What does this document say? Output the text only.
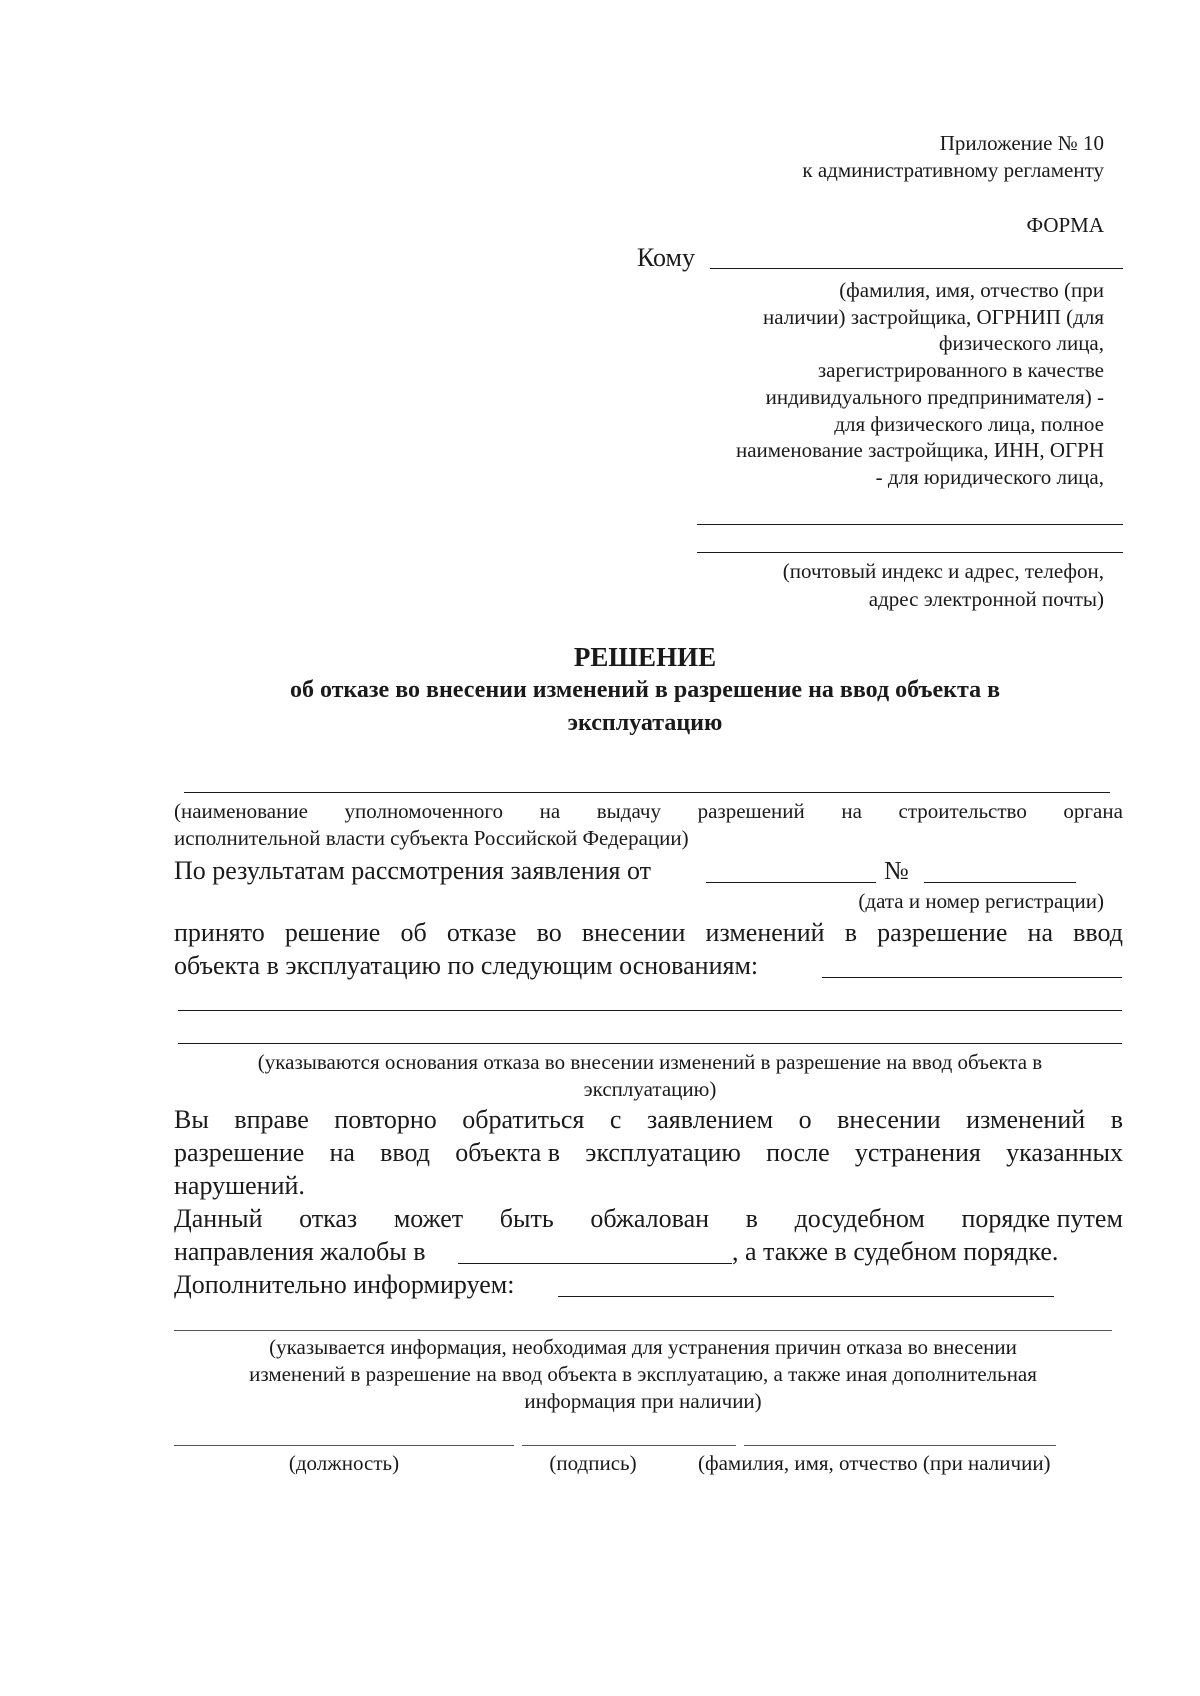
Приложение № 10
к административному регламенту
ФОРМА
Кому
(фамилия, имя, отчество (при
наличии) застройщика, ОГРНИП (для
физического лица,
зарегистрированного в качестве
индивидуального предпринимателя) -
для физического лица, полное
наименование застройщика, ИНН, ОГРН
- для юридического лица,
(почтовый индекс и адрес, телефон,
адрес электронной почты)
РЕШЕНИЕ
об отказе во внесении изменений в разрешение на ввод объекта в
эксплуатацию
(наименование уполномоченного на выдачу разрешений на строительство органа
исполнительной власти субъекта Российской Федерации)
По результатам рассмотрения заявления от	№
(дата и номер регистрации)
принято решение об отказе во внесении изменений в разрешение на ввод
объекта в эксплуатацию по следующим основаниям:
(указываются основания отказа во внесении изменений в разрешение на ввод объекта в
эксплуатацию)
Вы вправе повторно обратиться с заявлением о внесении изменений в
разрешение на ввод объекта в эксплуатацию после устранения указанных
нарушений.
Данный отказ может быть обжалован в досудебном порядке путем
направления жалобы в	, а также в судебном порядке.
Дополнительно информируем:
(указывается информация, необходимая для устранения причин отказа во внесении
изменений в разрешение на ввод объекта в эксплуатацию, а также иная дополнительная
информация при наличии)
(должность)	(подпись)	(фамилия, имя, отчество (при наличии)
